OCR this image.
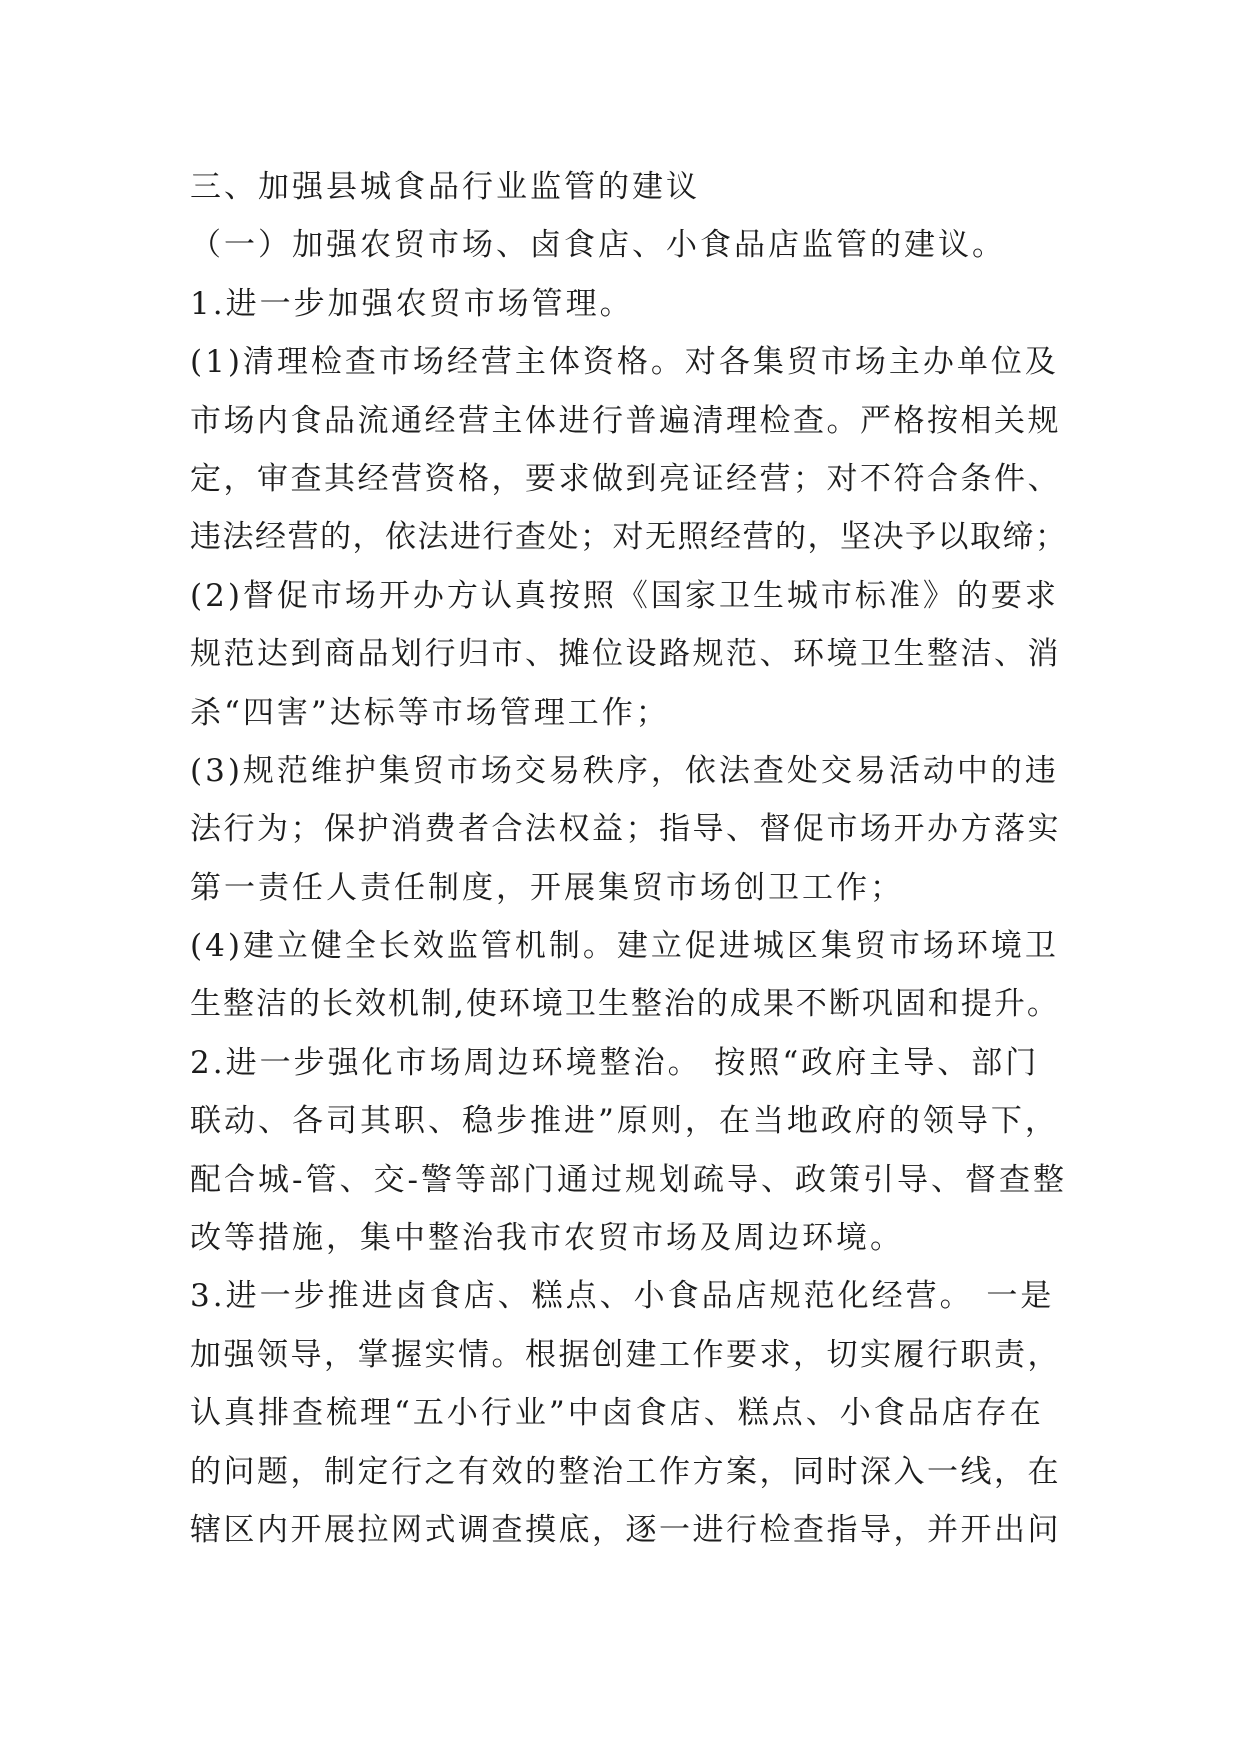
三、加强县城食品行业监管的建议
（一）加强农贸市场、卤食店、小食品店监管的建议。
1.进一步加强农贸市场管理。
(1)清理检查市场经营主体资格。对各集贸市场主办单位及
市场内食品流通经营主体进行普遍清理检查。严格按相关规
定，审查其经营资格，要求做到亮证经营；对不符合条件、
违法经营的，依法进行查处；对无照经营的，坚决予以取缔；
(2)督促市场开办方认真按照《国家卫生城市标准》的要求
规范达到商品划行归市、摊位设路规范、环境卫生整洁、消
杀“四害”达标等市场管理工作；
(3)规范维护集贸市场交易秩序，依法查处交易活动中的违
法行为；保护消费者合法权益；指导、督促市场开办方落实
第一责任人责任制度，开展集贸市场创卫工作；
(4)建立健全长效监管机制。建立促进城区集贸市场环境卫
生整洁的长效机制,使环境卫生整治的成果不断巩固和提升。
2.进一步强化市场周边环境整治。 按照“政府主导、部门
联动、各司其职、稳步推进”原则，在当地政府的领导下，
配合城-管、交-警等部门通过规划疏导、政策引导、督查整
改等措施，集中整治我市农贸市场及周边环境。
3.进一步推进卤食店、糕点、小食品店规范化经营。 一是
加强领导，掌握实情。根据创建工作要求，切实履行职责，
认真排查梳理“五小行业”中卤食店、糕点、小食品店存在
的问题，制定行之有效的整治工作方案，同时深入一线，在
辖区内开展拉网式调查摸底，逐一进行检查指导，并开出问
